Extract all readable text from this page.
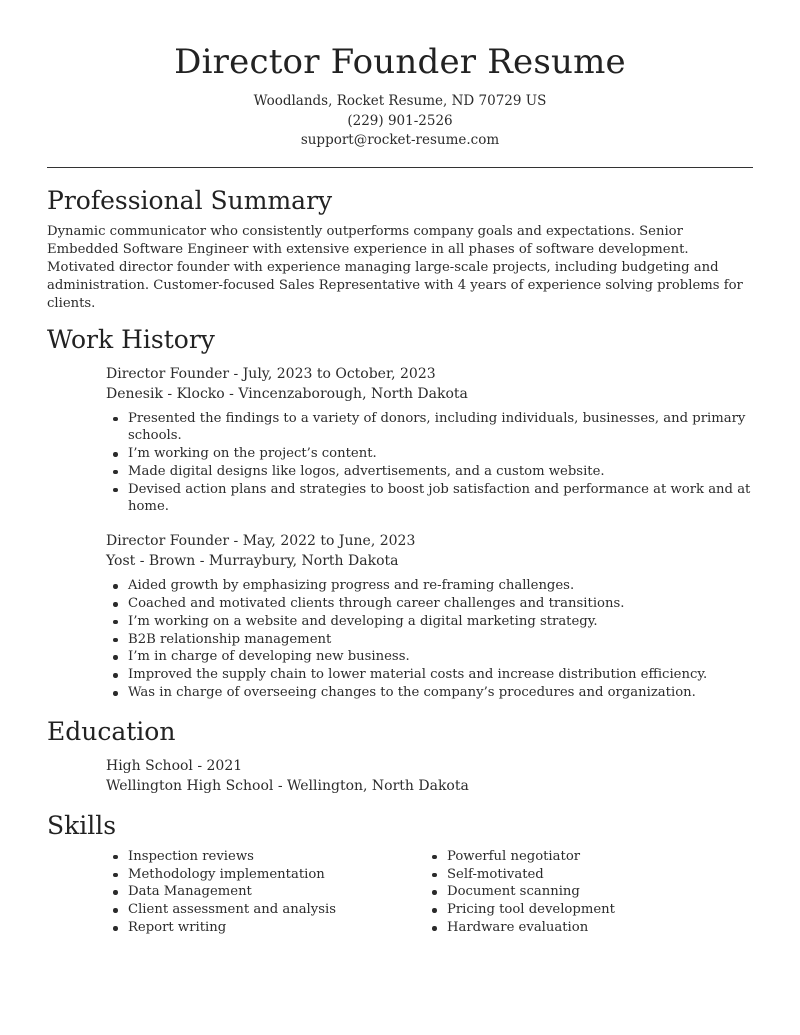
Director Founder Resume
Woodlands, Rocket Resume, ND 70729 US
(229) 901-2526
support@rocket-resume.com
Professional Summary

Dynamic communicator who consistently outperforms company goals and expectations. Senior Embedded Software Engineer with extensive experience in all phases of software development. Motivated director founder with experience managing large-scale projects, including budgeting and administration. Customer-focused Sales Representative with 4 years of experience solving problems for clients.

Work History
Director Founder - July, 2023 to October, 2023
Denesik - Klocko - Vincenzaborough, North Dakota
Presented the findings to a variety of donors, including individuals, businesses, and primary schools.
I’m working on the project’s content.
Made digital designs like logos, advertisements, and a custom website.
Devised action plans and strategies to boost job satisfaction and performance at work and at home.
Director Founder - May, 2022 to June, 2023
Yost - Brown - Murraybury, North Dakota
Aided growth by emphasizing progress and re-framing challenges.
Coached and motivated clients through career challenges and transitions.
I’m working on a website and developing a digital marketing strategy.
B2B relationship management
I’m in charge of developing new business.
Improved the supply chain to lower material costs and increase distribution efficiency.
Was in charge of overseeing changes to the company’s procedures and organization.
Education
High School - 2021
Wellington High School - Wellington, North Dakota
Skills
Inspection reviews
Methodology implementation
Data Management
Client assessment and analysis
Report writing
Powerful negotiator
Self-motivated
Document scanning
Pricing tool development
Hardware evaluation
